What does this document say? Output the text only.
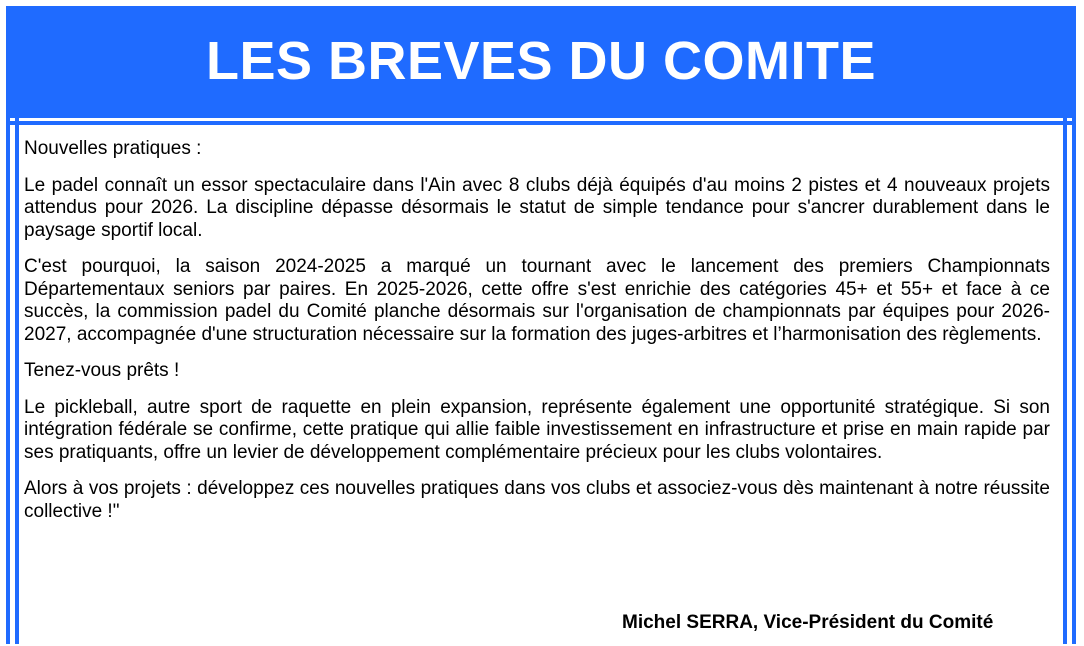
LES BREVES DU COMITE

Nouvelles pratiques :

Le padel connaît un essor spectaculaire dans l'Ain avec 8 clubs déjà équipés d'au moins 2 pistes et 4 nouveaux projets attendus pour 2026. La discipline dépasse désormais le statut de simple tendance pour s'ancrer durablement dans le paysage sportif local.

C'est pourquoi, la saison 2024-2025 a marqué un tournant avec le lancement des premiers Championnats Départementaux seniors par paires. En 2025-2026, cette offre s'est enrichie des catégories 45+ et 55+ et face à ce succès, la commission padel du Comité planche désormais sur l'organisation de championnats par équipes pour 2026-2027, accompagnée d'une structuration nécessaire sur la formation des juges-arbitres et l’harmonisation des règlements.

Tenez-vous prêts !

Le pickleball, autre sport de raquette en plein expansion, représente également une opportunité stratégique. Si son intégration fédérale se confirme, cette pratique qui allie faible investissement en infrastructure et prise en main rapide par ses pratiquants, offre un levier de développement complémentaire précieux pour les clubs volontaires.

Alors à vos projets : développez ces nouvelles pratiques dans vos clubs et associez-vous dès maintenant à notre réussite collective !"

Michel SERRA, Vice-Président du Comité
